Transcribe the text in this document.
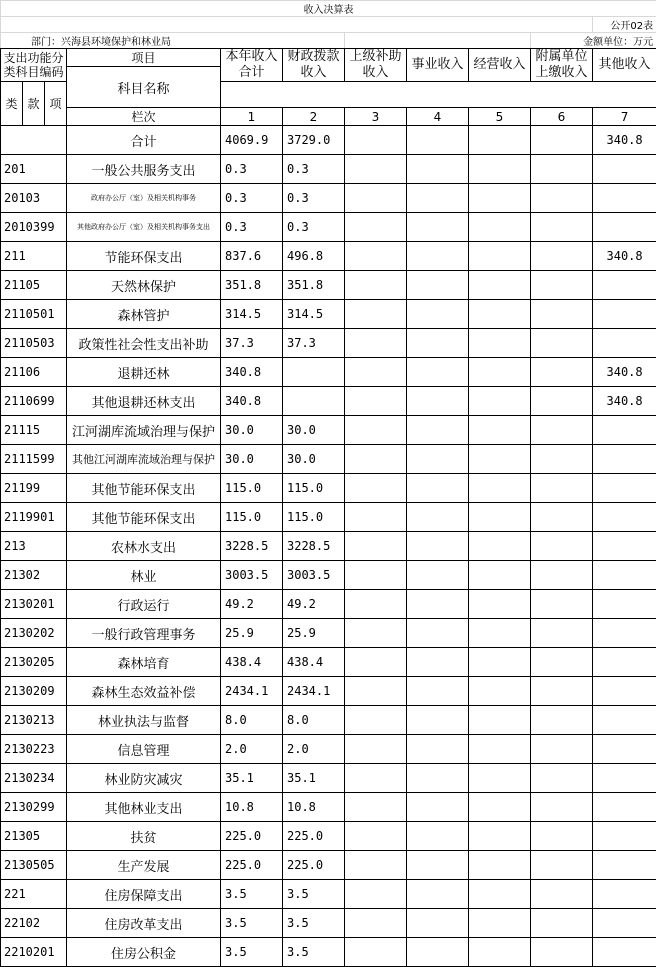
收入决算表										
										公开02表
部门：兴海县环境保护和林业局									金额单位：万元	
支出功能分类科目编码			项目	本年收入合计	财政拨款收入	上级补助收入	事业收入	经营收入	附属单位上缴收入	其他收入
			科目名称							
类	款	项								
			栏次	1	2	3	4	5	6	7
			合计	4069.9	3729.0					340.8
201			一般公共服务支出	0.3	0.3					
20103			政府办公厅（室）及相关机构事务	0.3	0.3					
2010399			其他政府办公厅（室）及相关机构事务支出	0.3	0.3					
211			节能环保支出	837.6	496.8					340.8
21105			天然林保护	351.8	351.8					
2110501			森林管护	314.5	314.5					
2110503			政策性社会性支出补助	37.3	37.3					
21106			退耕还林	340.8						340.8
2110699			其他退耕还林支出	340.8						340.8
21115			江河湖库流域治理与保护	30.0	30.0					
2111599			其他江河湖库流域治理与保护	30.0	30.0					
21199			其他节能环保支出	115.0	115.0					
2119901			其他节能环保支出	115.0	115.0					
213			农林水支出	3228.5	3228.5					
21302			林业	3003.5	3003.5					
2130201			行政运行	49.2	49.2					
2130202			一般行政管理事务	25.9	25.9					
2130205			森林培育	438.4	438.4					
2130209			森林生态效益补偿	2434.1	2434.1					
2130213			林业执法与监督	8.0	8.0					
2130223			信息管理	2.0	2.0					
2130234			林业防灾减灾	35.1	35.1					
2130299			其他林业支出	10.8	10.8					
21305			扶贫	225.0	225.0					
2130505			生产发展	225.0	225.0					
221			住房保障支出	3.5	3.5					
22102			住房改革支出	3.5	3.5					
2210201			住房公积金	3.5	3.5					
